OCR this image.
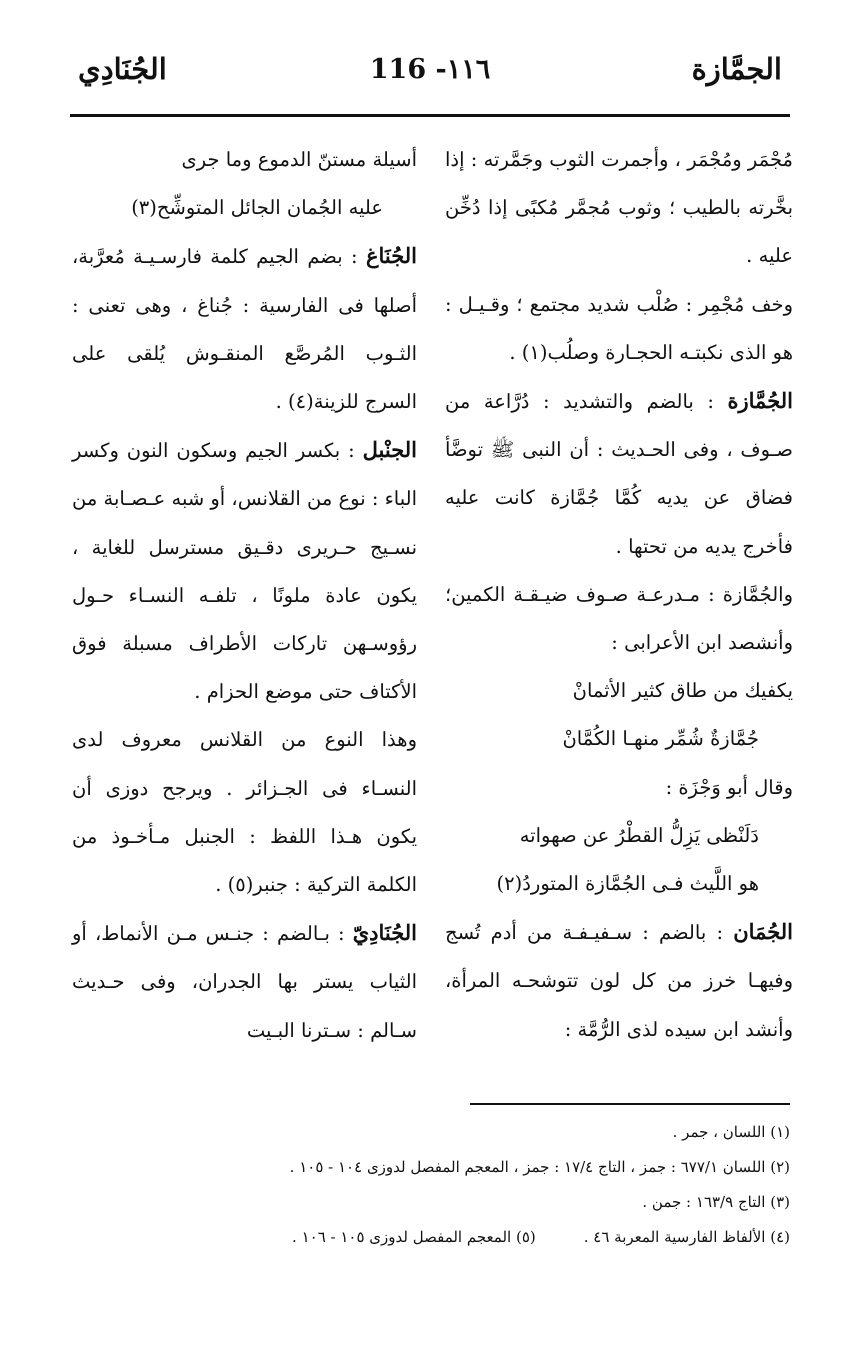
الجمَّازة
116 -١١٦
الجُنَادِي

مُجْمَر ومُجْمَر ، وأجمرت الثوب وجَمَّرته : إذا بخَّرته بالطيب ؛ وثوب مُجمَّر مُكبًى إذا دُخِّن عليه .

وخف مُجْمِر : صُلْب شديد مجتمع ؛ وقـيـل : هو الذى نكبتـه الحجـارة وصلُب(١) .

الجُمَّازة : بالضم والتشديد : دُرَّاعة من صـوف ، وفى الحـديث : أن النبى ﷺ توضَّأ فضاق عن يديه كُمَّا جُمَّازة كانت عليه فأخرج يديه من تحتها .

والجُمَّازة : مـدرعـة صـوف ضيـقـة الكمين؛ وأنشصد ابن الأعرابى :

يكفيك من طاق كثير الأثمانْ

جُمَّازةٌ شُمِّر منهـا الكُمَّانْ

وقال أبو وَجْزَة :

دَلَنْظى يَزِلُّ القطْرُ عن صهواته

هو اللَّيث فـى الجُمَّازة المتوردُ(٢)

الجُمَان : بالضم : سـفيـفـة من أدم تُسج وفيهـا خرز من كل لون تتوشحـه المرأة، وأنشد ابن سيده لذى الرُّمَّة :

أسيلة مستنّ الدموع وما جرى

عليه الجُمان الجائل المتوشِّح(٣)

الجُنَاغ : بضم الجيم كلمة فارسـيـة مُعرَّبة، أصلها فى الفارسية : جُناغ ، وهى تعنى : الثـوب المُرصَّع المنقـوش يُلقى على السرج للزينة(٤) .

الجنْبل : بكسر الجيم وسكون النون وكسر الباء : نوع من القلانس، أو شبه عـصـابة من نسـيج حـريرى دقـيق مسترسل للغاية ، يكون عادة ملونًا ، تلفـه النسـاء حـول رؤوسـهن تاركات الأطراف مسبلة فوق الأكتاف حتى موضع الحزام .

وهذا النوع من القلانس معروف لدى النسـاء فى الجـزائر . ويرجح دوزى أن يكون هـذا اللفظ : الجنبل مـأخـوذ من الكلمة التركية : جنبر(٥) .

الجُنَادِيّ : بـالضم : جنـس مـن الأنماط، أو الثياب يستر بها الجدران، وفى حـديث سـالم : سـترنا البـيت

(١) اللسان ، جمر .
(٢) اللسان ٦٧٧/١ : جمز ، التاج ١٧/٤ : جمز ، المعجم المفصل لدوزى ١٠٤ - ١٠٥ .
(٣) التاج ١٦٣/٩ : جمن .
(٤) الألفاظ الفارسية المعربة ٤٦ .
(٥) المعجم المفصل لدوزى ١٠٥ - ١٠٦ .
